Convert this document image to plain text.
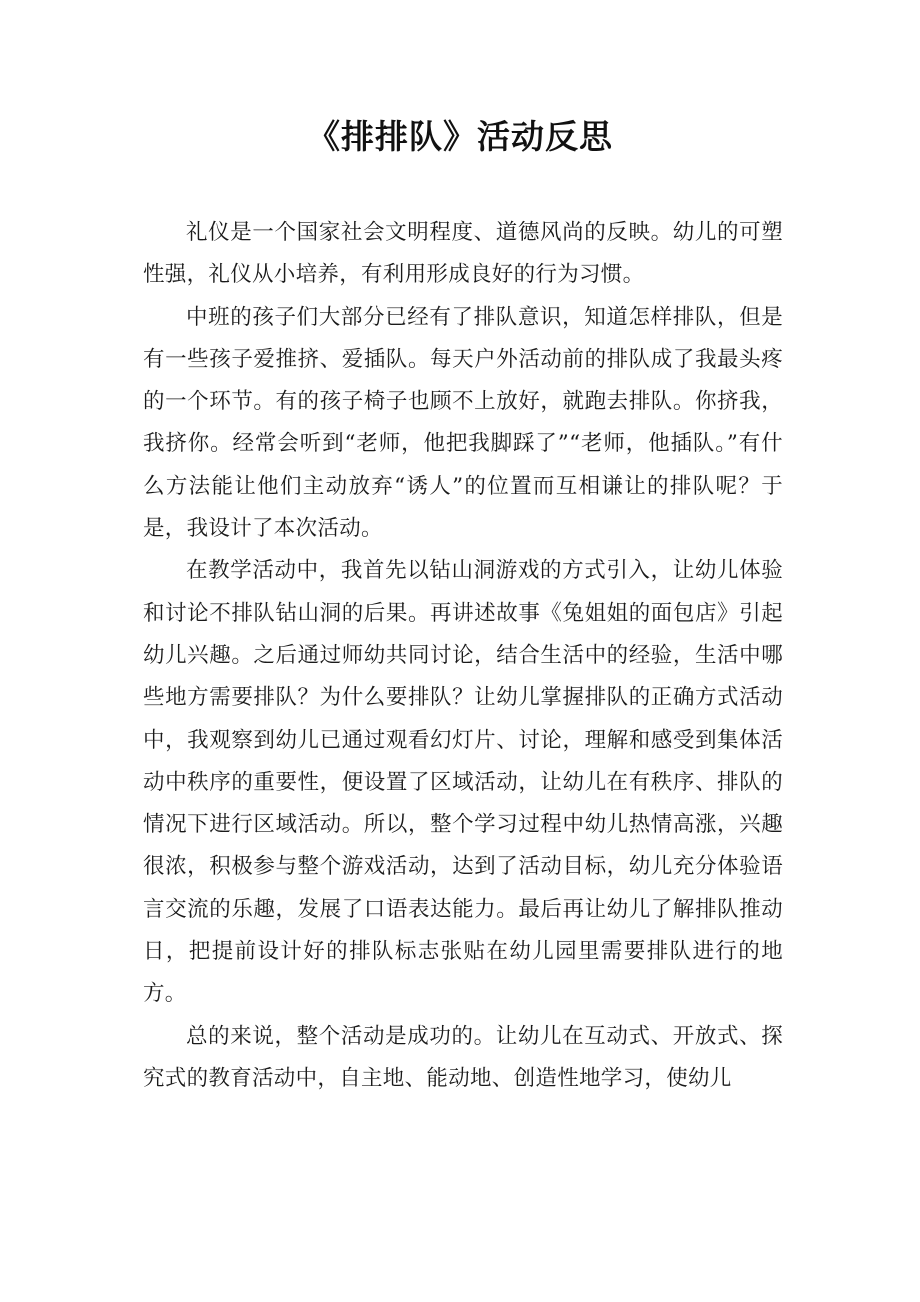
《排排队》活动反思

礼仪是一个国家社会文明程度、道德风尚的反映。幼儿的可塑性强，礼仪从小培养，有利用形成良好的行为习惯。

中班的孩子们大部分已经有了排队意识，知道怎样排队，但是有一些孩子爱推挤、爱插队。每天户外活动前的排队成了我最头疼的一个环节。有的孩子椅子也顾不上放好，就跑去排队。你挤我，我挤你。经常会听到“老师，他把我脚踩了”“老师，他插队。”有什么方法能让他们主动放弃“诱人”的位置而互相谦让的排队呢？于是，我设计了本次活动。

在教学活动中，我首先以钻山洞游戏的方式引入，让幼儿体验和讨论不排队钻山洞的后果。再讲述故事《兔姐姐的面包店》引起幼儿兴趣。之后通过师幼共同讨论，结合生活中的经验，生活中哪些地方需要排队？为什么要排队？让幼儿掌握排队的正确方式活动中，我观察到幼儿已通过观看幻灯片、讨论，理解和感受到集体活动中秩序的重要性，便设置了区域活动，让幼儿在有秩序、排队的情况下进行区域活动。所以，整个学习过程中幼儿热情高涨，兴趣很浓，积极参与整个游戏活动，达到了活动目标，幼儿充分体验语言交流的乐趣，发展了口语表达能力。最后再让幼儿了解排队推动日，把提前设计好的排队标志张贴在幼儿园里需要排队进行的地方。

总的来说，整个活动是成功的。让幼儿在互动式、开放式、探究式的教育活动中，自主地、能动地、创造性地学习，使幼儿
